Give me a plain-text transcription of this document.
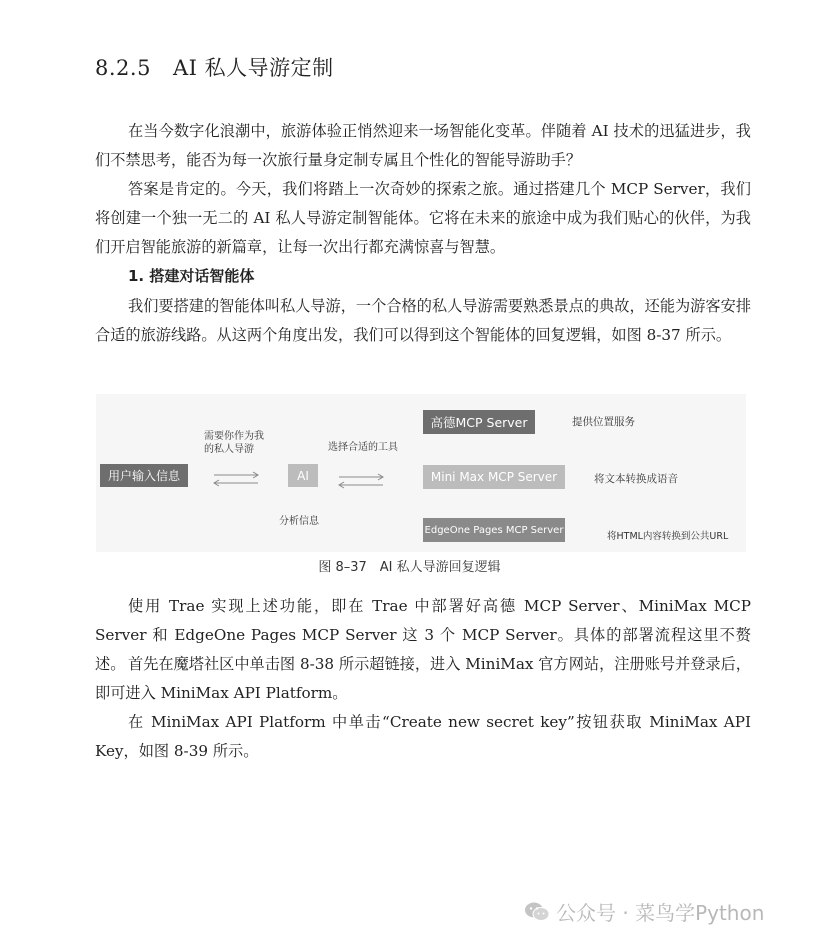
8.2.5 AI 私人导游定制

在当今数字化浪潮中，旅游体验正悄然迎来一场智能化变革。伴随着 AI 技术的迅猛进步，我们不禁思考，能否为每一次旅行量身定制专属且个性化的智能导游助手？

答案是肯定的。今天，我们将踏上一次奇妙的探索之旅。通过搭建几个 MCP Server，我们将创建一个独一无二的 AI 私人导游定制智能体。它将在未来的旅途中成为我们贴心的伙伴，为我们开启智能旅游的新篇章，让每一次出行都充满惊喜与智慧。

1. 搭建对话智能体

我们要搭建的智能体叫私人导游，一个合格的私人导游需要熟悉景点的典故，还能为游客安排合适的旅游线路。从这两个角度出发，我们可以得到这个智能体的回复逻辑，如图 8-37 所示。

用户输入信息	AI
需要你作为我
的私人导游	选择合适的工具
分析信息
高德MCP Server
Mini Max MCP Server
EdgeOne Pages MCP Server
提供位置服务
将文本转换成语音
将HTML内容转换到公共URL

图 8–37　AI 私人导游回复逻辑

使用 Trae 实现上述功能，即在 Trae 中部署好高德 MCP Server、MiniMax MCP Server 和 EdgeOne Pages MCP Server 这 3 个 MCP Server。具体的部署流程这里不赘述。 首先在魔塔社区中单击图 8-38 所示超链接，进入 MiniMax 官方网站，注册账号并登录后，即可进入 MiniMax API Platform。

在 MiniMax API Platform 中单击“Create new secret key”按钮获取 MiniMax API Key，如图 8-39 所示。

公众号 · 菜鸟学Python
